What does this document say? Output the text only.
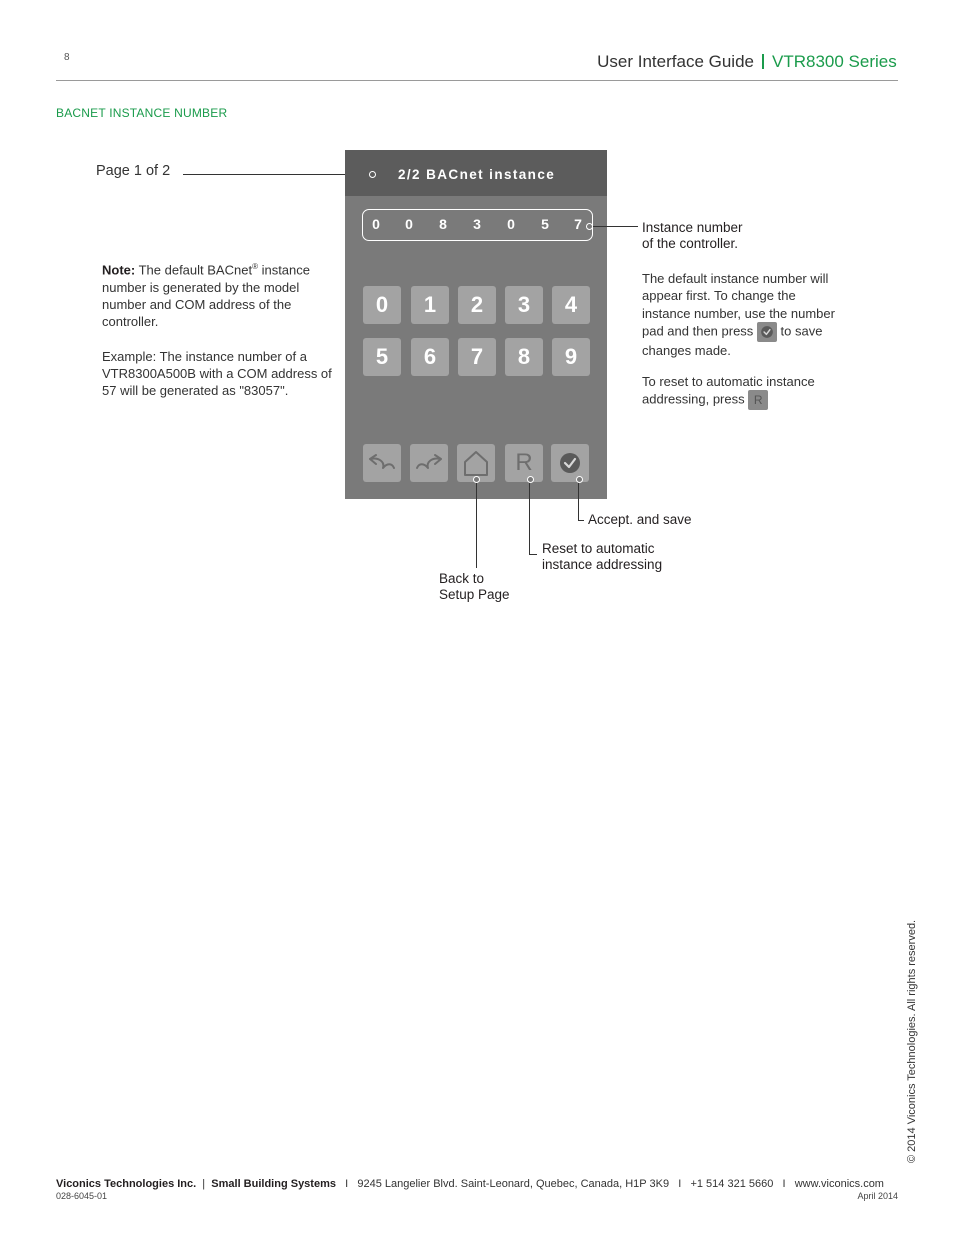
8	User Interface Guide VTR8300 Series
BACNET INSTANCE NUMBER
Page 1 of 2

Note: The default BACnet® instance number is generated by the model number and COM address of the controller.

Example: The instance number of a VTR8300A500B with a COM address of 57 will be generated as "83057".

2/2 BACnet instance
0 0 8 3 0 5 7
0	1	2	3	4
5	6	7	8	9
R
Instance number
of the controller.
The default instance number will appear first. To change the instance number, use the number pad and then press  to save changes made.
To reset to automatic instance addressing, press R
Accept. and save
Reset to automatic
instance addressing
Back to
Setup Page
© 2014 Viconics Technologies. All rights reserved.
Viconics Technologies Inc.  |  Small Building Systems   I   9245 Langelier Blvd. Saint-Leonard, Quebec, Canada, H1P 3K9   I   +1 514 321 5660   I   www.viconics.com
028-6045-01	April 2014
